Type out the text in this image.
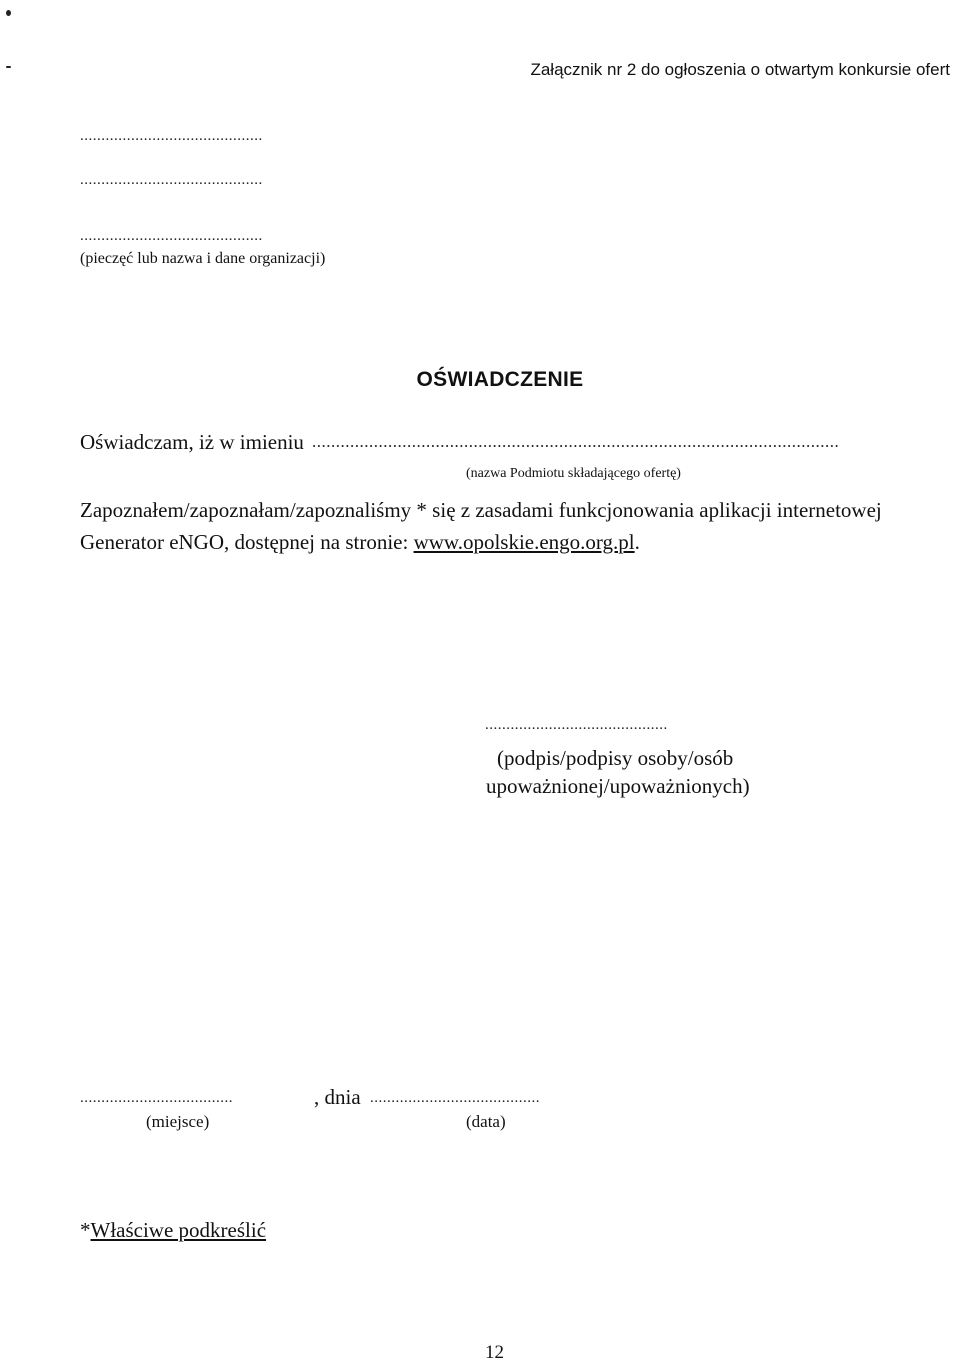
Załącznik nr 2 do ogłoszenia o otwartym konkursie ofert
...........................................
...........................................
...........................................
(pieczęć lub nazwa i dane organizacji)
OŚWIADCZENIE
Oświadczam, iż w imieniu ...............................................................................................................
(nazwa Podmiotu składającego ofertę)
Zapoznałem/zapoznałam/zapoznaliśmy * się z zasadami funkcjonowania aplikacji internetowej
Generator eNGO, dostępnej na stronie: www.opolskie.engo.org.pl.
...........................................
(podpis/podpisy osoby/osób
upoważnionej/upoważnionych)
....................................	, dnia ........................................
(miejsce)	(data)
*Właściwe podkreślić
12
